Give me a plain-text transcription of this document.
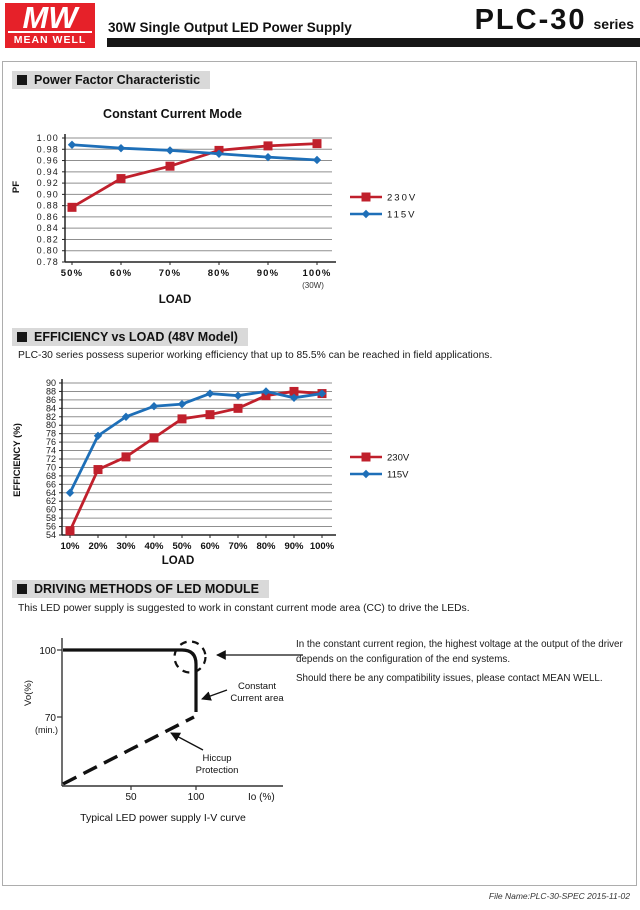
MW
MEAN WELL
30W Single Output LED Power Supply	PLC-30 series
Power Factor Characteristic
Constant Current Mode
0.78
0.80
0.82
0.84
0.86
0.88
0.90
0.92
0.94
0.96
0.98
1.00
50%	60%	70%	80%	90% 100%
(30W)
LOAD
PF
230V
115V
EFFICIENCY vs LOAD (48V Model)
PLC-30 series possess superior working efficiency that up to 85.5% can be reached in field applications.
54
56
58
60
62
64
66
68
70
72
74
76
78
80
82
84
86
88
90
10% 20% 30% 40% 50% 60% 70% 80% 90% 100%
LOAD
EFFICIENCY (%)	230V
115V
DRIVING METHODS OF LED MODULE
This LED power supply is suggested to work in constant current mode area (CC) to drive the LEDs.
100
70
(min.)
Vo(%)
50	100	Io (%)
Constant
Current area
Hiccup
Protection
Typical LED power supply I-V curve

In the constant current region, the highest voltage at the output of the driver depends on the configuration of the end systems.

Should there be any compatibility issues, please contact MEAN WELL.

File Name:PLC-30-SPEC 2015-11-02
